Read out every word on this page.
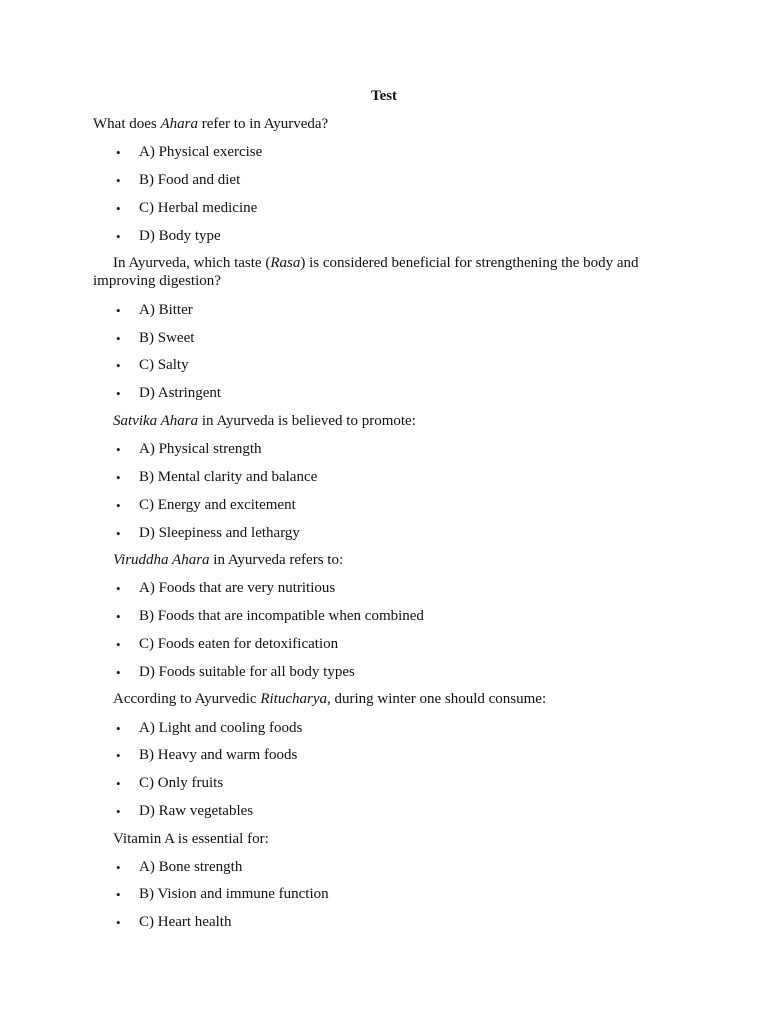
Test
What does Ahara refer to in Ayurveda?
• A) Physical exercise
• B) Food and diet
• C) Herbal medicine
• D) Body type
In Ayurveda, which taste (Rasa) is considered beneficial for strengthening the body and improving digestion?
• A) Bitter
• B) Sweet
• C) Salty
• D) Astringent
Satvika Ahara in Ayurveda is believed to promote:
• A) Physical strength
• B) Mental clarity and balance
• C) Energy and excitement
• D) Sleepiness and lethargy
Viruddha Ahara in Ayurveda refers to:
• A) Foods that are very nutritious
• B) Foods that are incompatible when combined
• C) Foods eaten for detoxification
• D) Foods suitable for all body types
According to Ayurvedic Ritucharya, during winter one should consume:
• A) Light and cooling foods
• B) Heavy and warm foods
• C) Only fruits
• D) Raw vegetables
Vitamin A is essential for:
• A) Bone strength
• B) Vision and immune function
• C) Heart health
